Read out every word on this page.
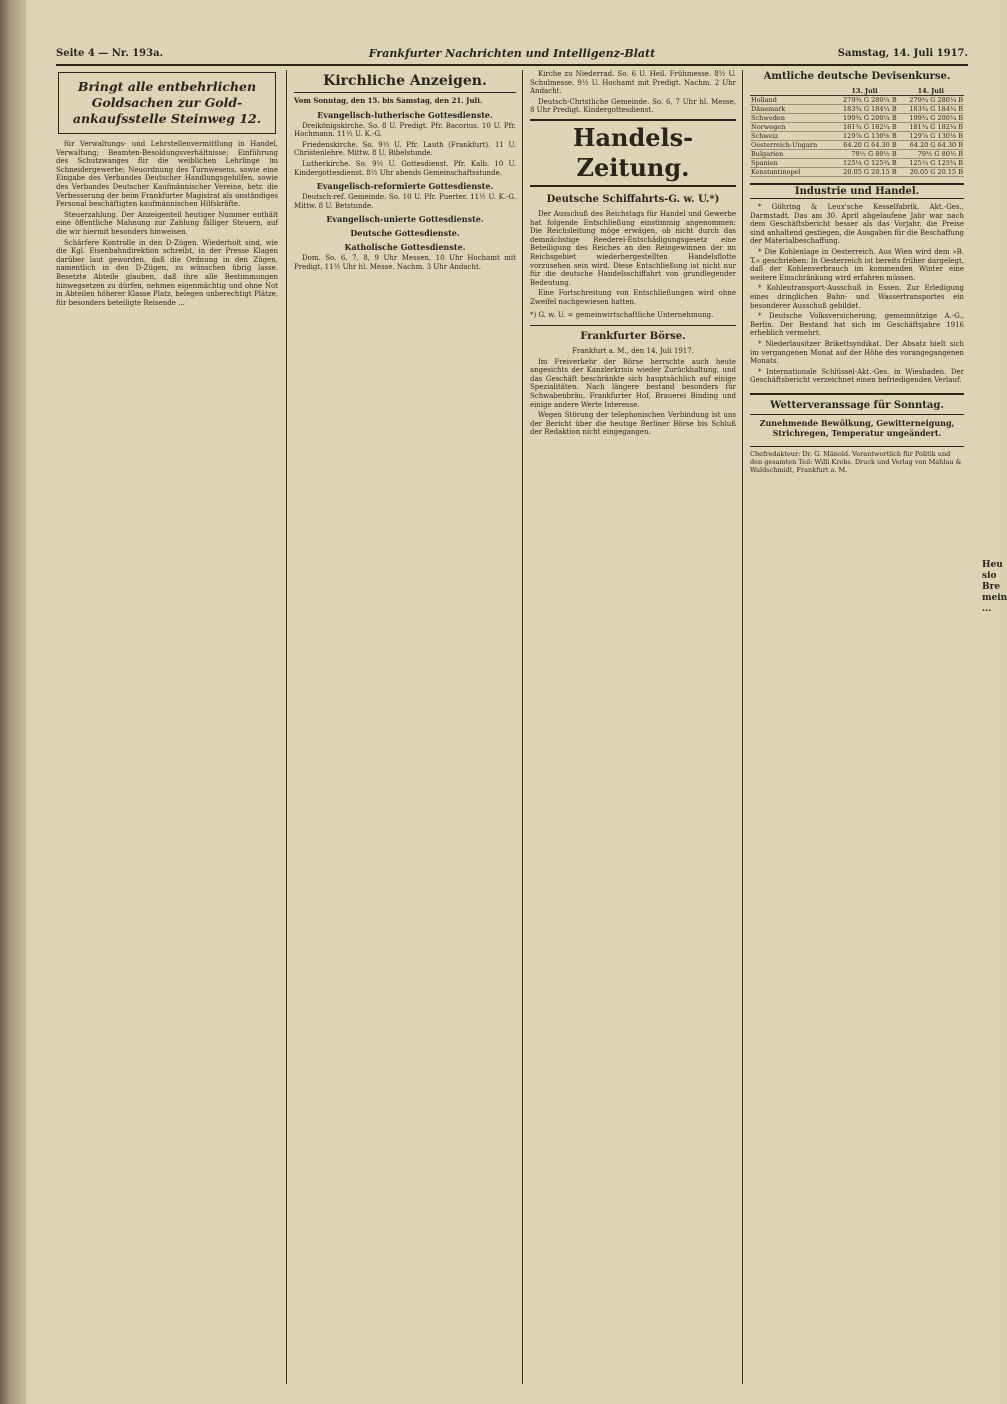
Seite 4 — Nr. 193a.	Frankfurter Nachrichten und Intelligenz-Blatt	Samstag, 14. Juli 1917.
Bringt alle entbehrlichen Goldsachen zur Gold-ankaufsstelle Steinweg 12.

für Verwaltungs- und Lehrstellenvermittlung in Handel, Verwaltung; Beamten-Besoldungsverhältnisse; Einführung des Schutzwanges für die weiblichen Lehrlinge im Schneidergewerbe; Neuordnung des Turnwesens, sowie eine Eingabe des Verbandes Deutscher Handlungsgehilfen, sowie des Verbandes Deutscher Kaufmännischer Vereine, betr. die Verbesserung der beim Frankfurter Magistrat als unständiges Personal beschäftigten kaufmännischen Hilfskräfte.

Steuerzahlung. Der Anzeigenteil heutiger Nummer enthält eine öffentliche Mahnung zur Zahlung fälliger Steuern, auf die wir hiermit besonders hinweisen.

Schärfere Kontrolle in den D-Zügen. Wiederholt sind, wie die Kgl. Eisenbahndirektion schreibt, in der Presse Klagen darüber laut geworden, daß die Ordnung in den Zügen, namentlich in den D-Zügen, zu wünschen übrig lasse. Besetzte Abteile glauben, daß ihre alle Bestimmungen hinwegsetzen zu dürfen, nehmen eigenmächtig und ohne Not in Abteilen höherer Klasse Platz, belegen unberechtigt Plätze, für besonders beteiligte Reisende ...

Kirchliche Anzeigen.

Vom Sonntag, den 15. bis Samstag, den 21. Juli.

Evangelisch-lutherische Gottesdienste.

Dreikönigskirche. So. 8 U. Predigt. Pfr. Bacorius. 10 U. Pfr. Hochmann. 11½ U. K.-G.

Friedenskirche. So. 9½ U. Pfr. Lauth (Frankfurt). 11 U. Christenlehre. Mittw. 8 U. Bibelstunde.

Lutherkirche. So. 9½ U. Gottesdienst. Pfr. Kalb. 10 U. Kindergottesdienst. 8½ Uhr abends Gemeinschaftsstunde.

Evangelisch-reformierte Gottesdienste.

Deutsch-ref. Gemeinde. So. 10 U. Pfr. Puerter. 11½ U. K.-G. Mittw. 8 U. Betstunde.

Evangelisch-unierte Gottesdienste.
Deutsche Gottesdienste.
Katholische Gottesdienste.

Dom. So. 6, 7, 8, 9 Uhr Messen, 10 Uhr Hochamt mit Predigt, 11½ Uhr hl. Messe. Nachm. 3 Uhr Andacht.

Kirche zu Niederrad. So. 6 U. Heil. Frühmesse. 8½ U. Schulmesse, 9½ U. Hochamt mit Predigt. Nachm. 2 Uhr Andacht.

Deutsch-Christliche Gemeinde. So. 6, 7 Uhr hl. Messe, 8 Uhr Predigt. Kindergottesdienst.

Handels-Zeitung.
Deutsche Schiffahrts-G. w. U.*)

Der Ausschuß des Reichstags für Handel und Gewerbe hat folgende Entschließung einstimmig angenommen: Die Reichsleitung möge erwägen, ob nicht durch das demnächstige Reederei-Entschädigungsgesetz eine Beteiligung des Reiches an den Reingewinnen der im Reichsgebiet wiederhergestellten Handelsflotte vorzusehen sein wird. Diese Entschließung ist nicht nur für die deutsche Handelsschiffahrt von grundlegender Bedeutung.

Eine Fortschreitung von Entschließungen wird ohne Zweifel nachgewiesen hatten.

*) G. w. U. = gemeinwirtschaftliche Unternehmung.

Frankfurter Börse.

Frankfurt a. M., den 14. Juli 1917.

Im Freiverkehr der Börse herrschte auch heute angesichts der Kanzlerkrisis wieder Zurückhaltung, und das Geschäft beschränkte sich hauptsächlich auf einige Spezialitäten. Nach längere bestand besonders für Schwabenbräu, Frankfurter Hof, Brauerei Binding und einige andere Werte Interesse.

Wegen Störung der telephonischen Verbindung ist uns der Bericht über die heutige Berliner Börse bis Schluß der Redaktion nicht eingegangen.

Amtliche deutsche Devisenkurse.
	13. Juli	14. Juli
Holland	279¾ G 280¼ B	279¾ G 280¼ B
Dänemark	183¾ G 184¼ B	183¾ G 184¼ B
Schweden	199¾ G 200¼ B	199¾ G 200¼ B
Norwegen	181¾ G 182¼ B	181¾ G 182¼ B
Schweiz	129⅞ G 130⅛ B	129⅞ G 130⅛ B
Oesterreich-Ungarn	64.20 G 64.30 B	64.20 G 64.30 B
Bulgarien	79½ G 80½ B	79½ G 80½ B
Spanien	125¼ G 125¾ B	125¼ G 125¾ B
Konstantinopel	20.05 G 20.15 B	20.05 G 20.15 B
Industrie und Handel.

* Göhring & Leux'sche Kesselfabrik, Akt.-Ges., Darmstadt. Das am 30. April abgelaufene Jahr war nach dem Geschäftsbericht besser als das Vorjahr, die Preise sind anhaltend gestiegen, die Ausgaben für die Beschaffung der Materialbeschaffung.

* Die Kohlenlage in Oesterreich. Aus Wien wird dem »B. T.« geschrieben: In Oesterreich ist bereits früher dargelegt, daß der Kohlenverbrauch im kommenden Winter eine weitere Einschränkung wird erfahren müssen.

* Kohlentransport-Ausschuß in Essen. Zur Erledigung eines dringlichen Bahn- und Wassertransportes ein besonderer Ausschuß gebildet.

* Deutsche Volksversicherung, gemeinnützige A.-G., Berlin. Der Bestand hat sich im Geschäftsjahre 1916 erheblich vermehrt.

* Niederlausitzer Brikettsyndikat. Der Absatz hielt sich im vergangenen Monat auf der Höhe des vorangegangenen Monats.

* Internationale Schlüssel-Akt.-Ges. in Wiesbaden. Der Geschäftsbericht verzeichnet einen befriedigenden Verlauf.

Wetterveranssage für Sonntag.
Zunehmende Bewölkung, Gewitterneigung, Strichregen, Temperatur ungeändert.
Chefredakteur: Dr. G. Mänold. Verantwortlich für Politik und den gesamten Teil: Willi Krebs. Druck und Verlag von Mahlau & Waldschmidt, Frankfurt a. M.
Heu sio Bre mein ...
